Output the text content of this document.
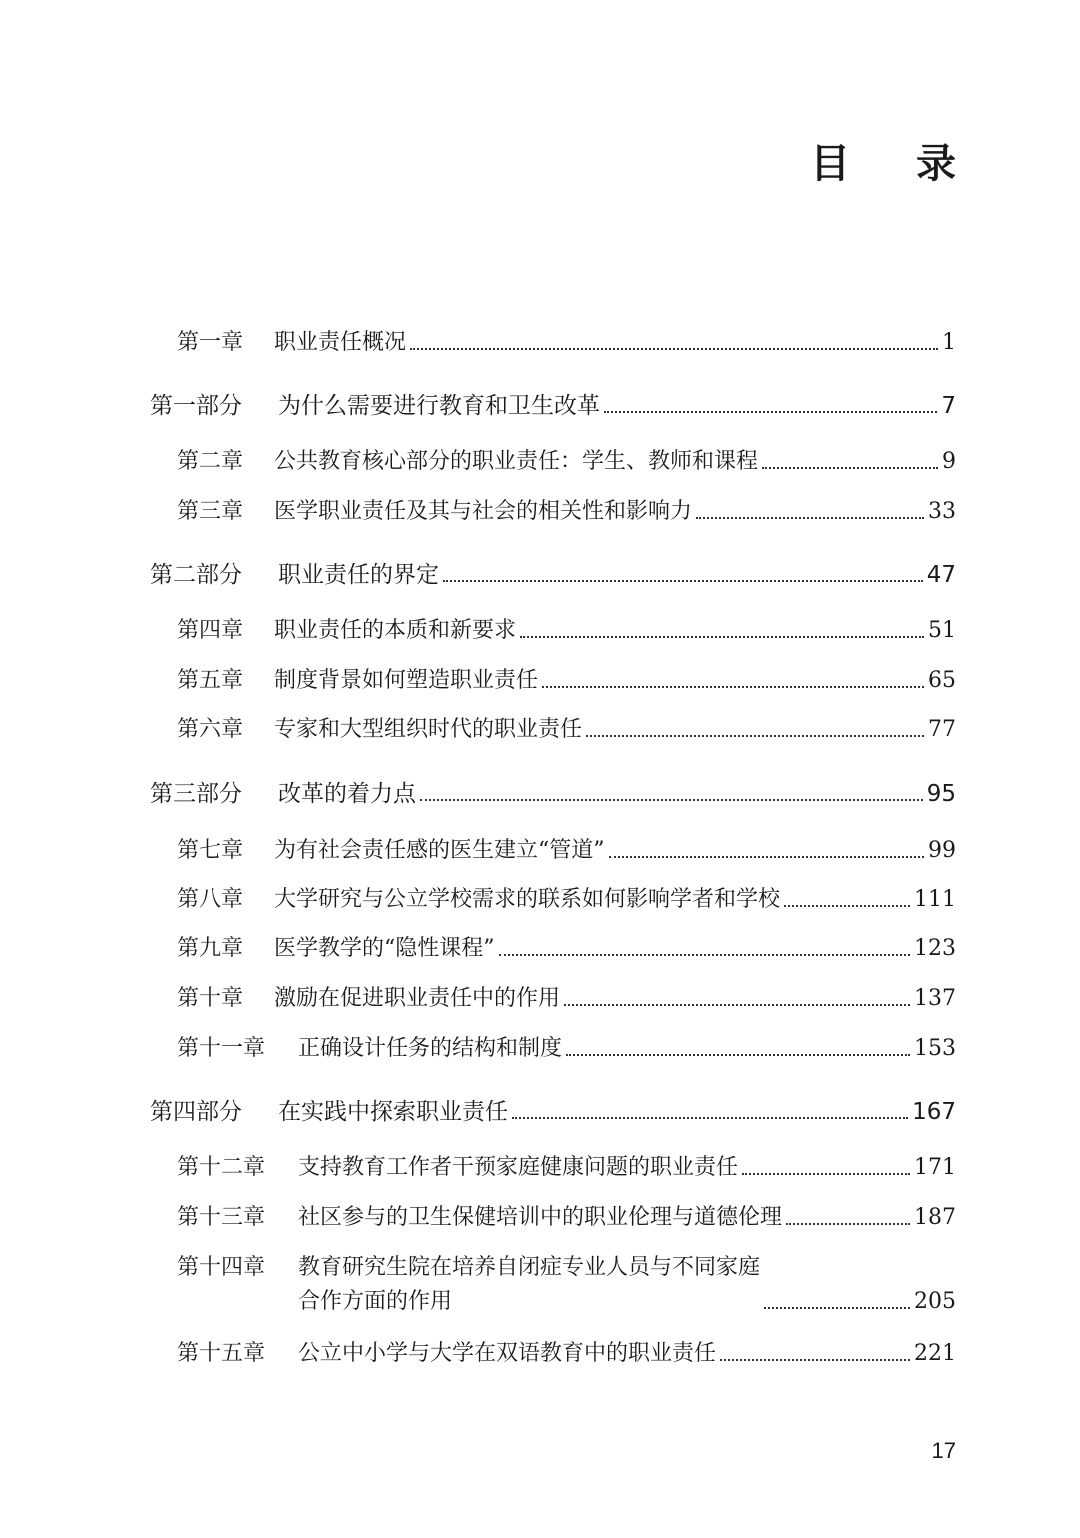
目 录
第一章	职业责任概况	1
第一部分	为什么需要进行教育和卫生改革	7
第二章	公共教育核心部分的职业责任：学生、教师和课程	9
第三章	医学职业责任及其与社会的相关性和影响力	33
第二部分	职业责任的界定	47
第四章	职业责任的本质和新要求	51
第五章	制度背景如何塑造职业责任	65
第六章	专家和大型组织时代的职业责任	77
第三部分	改革的着力点	95
第七章	为有社会责任感的医生建立“管道”	99
第八章	大学研究与公立学校需求的联系如何影响学者和学校	111
第九章	医学教学的“隐性课程”	123
第十章	激励在促进职业责任中的作用	137
第十一章	正确设计任务的结构和制度	153
第四部分	在实践中探索职业责任	167
第十二章	支持教育工作者干预家庭健康问题的职业责任	171
第十三章	社区参与的卫生保健培训中的职业伦理与道德伦理	187
第十四章	教育研究生院在培养自闭症专业人员与不同家庭
合作方面的作用	205
第十五章	公立中小学与大学在双语教育中的职业责任	221
17
